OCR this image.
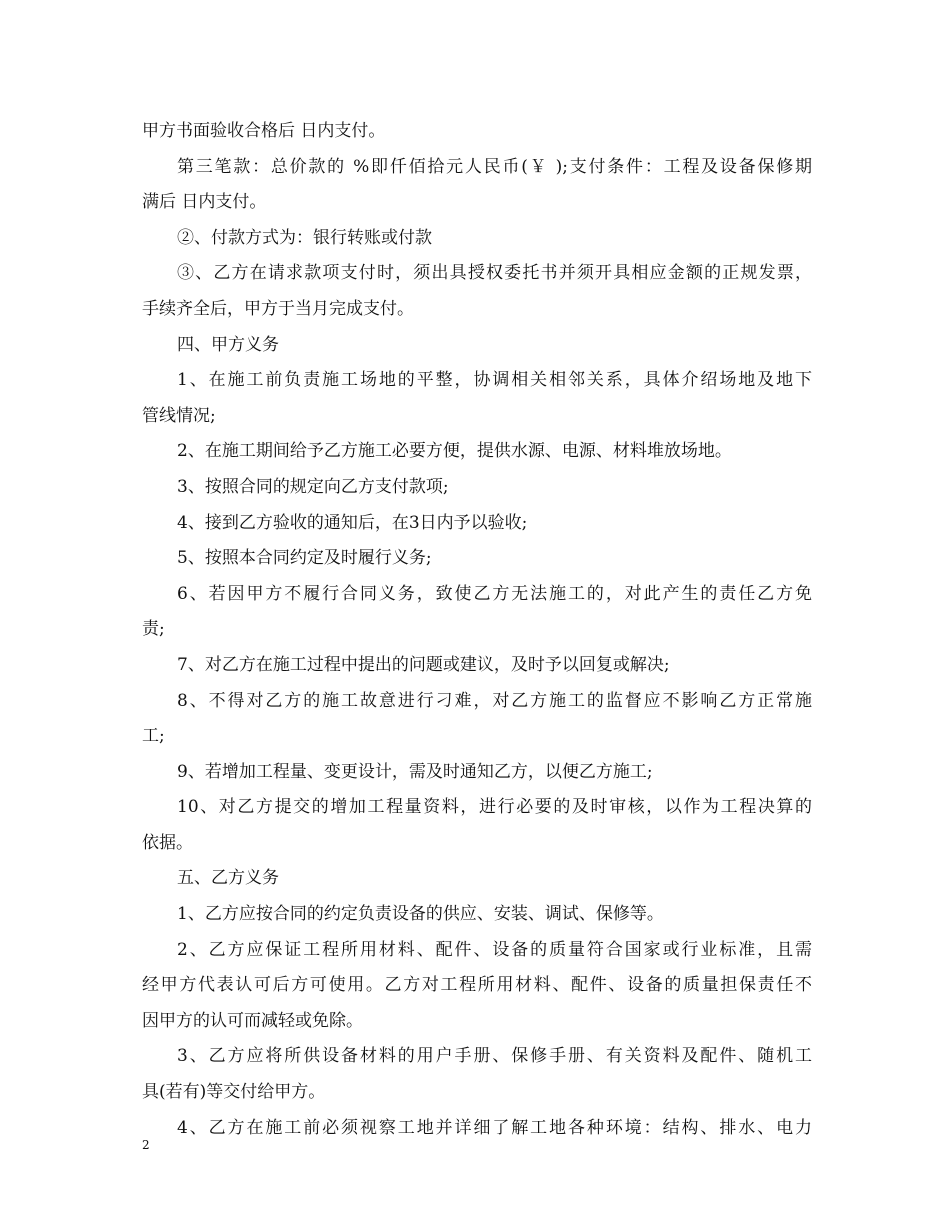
甲方书面验收合格后 日内支付。
第三笔款：总价款的 %即仟佰拾元人民币(￥ );支付条件：工程及设备保修期
满后 日内支付。
②、付款方式为：银行转账或付款
③、乙方在请求款项支付时，须出具授权委托书并须开具相应金额的正规发票，
手续齐全后，甲方于当月完成支付。
四、甲方义务
1、在施工前负责施工场地的平整，协调相关相邻关系，具体介绍场地及地下
管线情况;
2、在施工期间给予乙方施工必要方便，提供水源、电源、材料堆放场地。
3、按照合同的规定向乙方支付款项;
4、接到乙方验收的通知后，在3日内予以验收;
5、按照本合同约定及时履行义务;
6、若因甲方不履行合同义务，致使乙方无法施工的，对此产生的责任乙方免
责;
7、对乙方在施工过程中提出的问题或建议，及时予以回复或解决;
8、不得对乙方的施工故意进行刁难，对乙方施工的监督应不影响乙方正常施
工;
9、若增加工程量、变更设计，需及时通知乙方，以便乙方施工;
10、对乙方提交的增加工程量资料，进行必要的及时审核，以作为工程决算的
依据。
五、乙方义务
1、乙方应按合同的约定负责设备的供应、安装、调试、保修等。
2、乙方应保证工程所用材料、配件、设备的质量符合国家或行业标准，且需
经甲方代表认可后方可使用。乙方对工程所用材料、配件、设备的质量担保责任不
因甲方的认可而减轻或免除。
3、乙方应将所供设备材料的用户手册、保修手册、有关资料及配件、随机工
具(若有)等交付给甲方。
4、乙方在施工前必须视察工地并详细了解工地各种环境：结构、排水、电力
2
